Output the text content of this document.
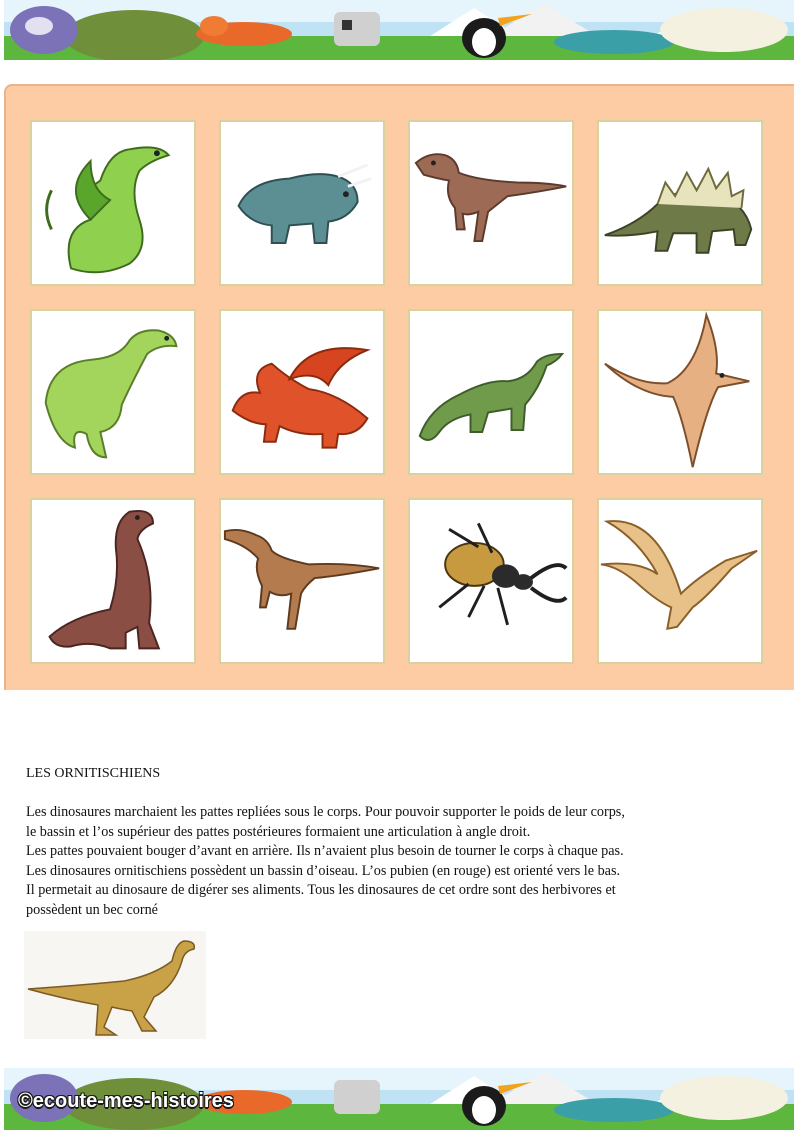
LES ORNITISCHIENS

Les dinosaures marchaient les pattes repliées sous le corps. Pour pouvoir supporter le poids de leur corps,

le bassin et l’os supérieur des pattes postérieures formaient une articulation à angle droit.

Les pattes pouvaient bouger d’avant en arrière. Ils n’avaient plus besoin de tourner le corps à chaque pas.

Les dinosaures ornitischiens possèdent un bassin d’oiseau. L’os pubien (en rouge) est orienté vers le bas.

Il permetait au dinosaure de digérer ses aliments. Tous les dinosaures de cet ordre sont des herbivores et

possèdent un bec corné

©ecoute-mes-histoires
